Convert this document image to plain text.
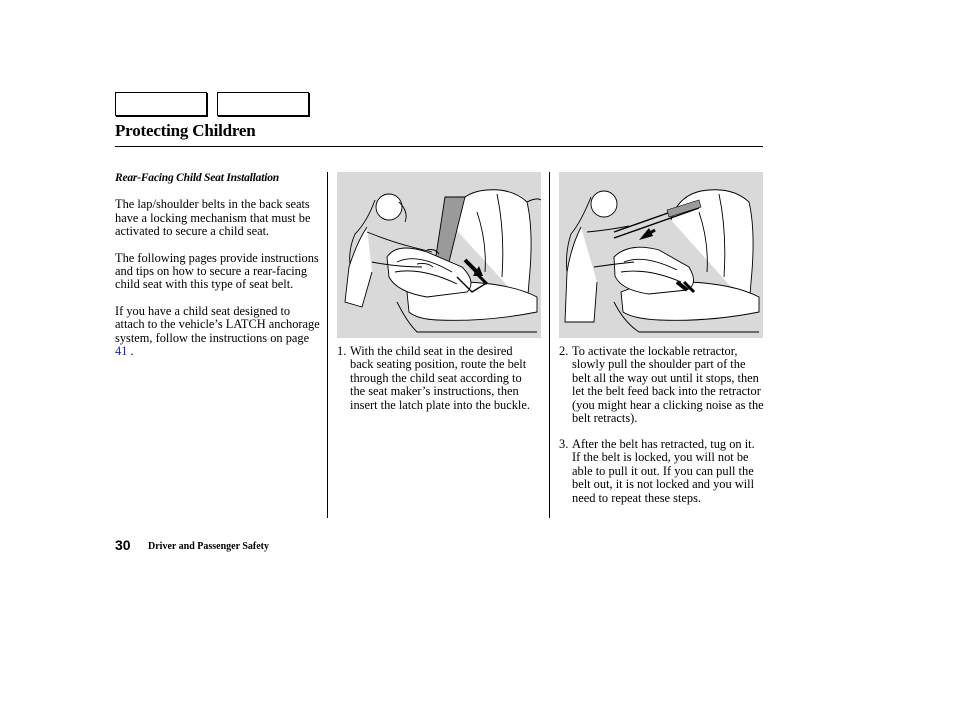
Protecting Children

Rear-Facing Child Seat Installation

The lap/shoulder belts in the back seats have a locking mechanism that must be activated to secure a child seat.

The following pages provide instructions and tips on how to secure a rear-facing child seat with this type of seat belt.

If you have a child seat designed to attach to the vehicle’s LATCH anchorage system, follow the instructions on page 41 .	1. With the child seat in the desired back seating position, route the belt through the child seat according to the seat maker’s instructions, then insert the latch plate into the buckle.
2. To activate the lockable retractor, slowly pull the shoulder part of the belt all the way out until it stops, then let the belt feed back into the retractor (you might hear a clicking noise as the belt retracts).
3. After the belt has retracted, tug on it. If the belt is locked, you will not be able to pull it out. If you can pull the belt out, it is not locked and you will need to repeat these steps.
30 Driver and Passenger Safety
